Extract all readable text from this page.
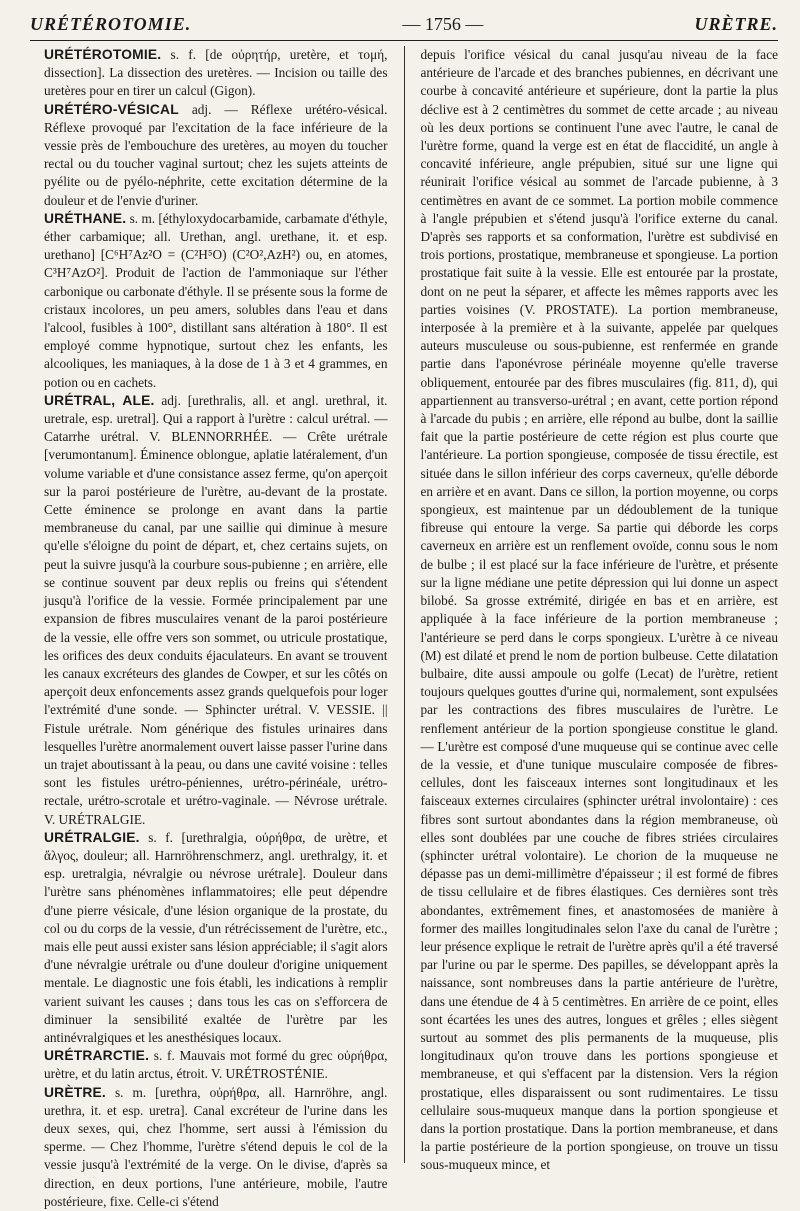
URÉTÉROTOMIE.	— 1756 —	URÈTRE.

URÉTÉROTOMIE. s. f. [de οὐρητήρ, uretère, et τομή, dissection]. La dissection des uretères. — Incision ou taille des uretères pour en tirer un calcul (Gigon).

URÉTÉRO-VÉSICAL adj. — Réflexe urétéro-vésical. Réflexe provoqué par l'excitation de la face inférieure de la vessie près de l'embouchure des uretères, au moyen du toucher rectal ou du toucher vaginal surtout; chez les sujets atteints de pyélite ou de pyélo-néphrite, cette excitation détermine de la douleur et de l'envie d'uriner.

URÉTHANE. s. m. [éthyloxydocarbamide, carbamate d'éthyle, éther carbamique; all. Urethan, angl. urethane, it. et esp. urethano] [C⁶H⁷Az²O = (C²H⁵O) (C²O²,AzH²) ou, en atomes, C³H⁷AzO²]. Produit de l'action de l'ammoniaque sur l'éther carbonique ou carbonate d'éthyle. Il se présente sous la forme de cristaux incolores, un peu amers, solubles dans l'eau et dans l'alcool, fusibles à 100°, distillant sans altération à 180°. Il est employé comme hypnotique, surtout chez les enfants, les alcooliques, les maniaques, à la dose de 1 à 3 et 4 grammes, en potion ou en cachets.

URÉTRAL, ALE. adj. [urethralis, all. et angl. urethral, it. uretrale, esp. uretral]. Qui a rapport à l'urètre : calcul urétral. — Catarrhe urétral. V. BLENNORRHÉE. — Crête urétrale [verumontanum]. Éminence oblongue, aplatie latéralement, d'un volume variable et d'une consistance assez ferme, qu'on aperçoit sur la paroi postérieure de l'urètre, au-devant de la prostate. Cette éminence se prolonge en avant dans la partie membraneuse du canal, par une saillie qui diminue à mesure qu'elle s'éloigne du point de départ, et, chez certains sujets, on peut la suivre jusqu'à la courbure sous-pubienne ; en arrière, elle se continue souvent par deux replis ou freins qui s'étendent jusqu'à l'orifice de la vessie. Formée principalement par une expansion de fibres musculaires venant de la paroi postérieure de la vessie, elle offre vers son sommet, ou utricule prostatique, les orifices des deux conduits éjaculateurs. En avant se trouvent les canaux excréteurs des glandes de Cowper, et sur les côtés on aperçoit deux enfoncements assez grands quelquefois pour loger l'extrémité d'une sonde. — Sphincter urétral. V. VESSIE. || Fistule urétrale. Nom générique des fistules urinaires dans lesquelles l'urètre anormalement ouvert laisse passer l'urine dans un trajet aboutissant à la peau, ou dans une cavité voisine : telles sont les fistules urétro-péniennes, urétro-périnéale, urétro-rectale, urétro-scrotale et urétro-vaginale. — Névrose urétrale. V. URÉTRALGIE.

URÉTRALGIE. s. f. [urethralgia, οὐρήθρα, de urètre, et ἄλγος, douleur; all. Harnröhrenschmerz, angl. urethralgy, it. et esp. uretralgia, névralgie ou névrose urétrale]. Douleur dans l'urètre sans phénomènes inflammatoires; elle peut dépendre d'une pierre vésicale, d'une lésion organique de la prostate, du col ou du corps de la vessie, d'un rétrécissement de l'urètre, etc., mais elle peut aussi exister sans lésion appréciable; il s'agit alors d'une névralgie urétrale ou d'une douleur d'origine uniquement mentale. Le diagnostic une fois établi, les indications à remplir varient suivant les causes ; dans tous les cas on s'efforcera de diminuer la sensibilité exaltée de l'urètre par les antinévralgiques et les anesthésiques locaux.

URÉTRARCTIE. s. f. Mauvais mot formé du grec οὐρήθρα, urètre, et du latin arctus, étroit. V. URÉTROSTÉNIE.

URÈTRE. s. m. [urethra, οὐρήθρα, all. Harnröhre, angl. urethra, it. et esp. uretra]. Canal excréteur de l'urine dans les deux sexes, qui, chez l'homme, sert aussi à l'émission du sperme. — Chez l'homme, l'urètre s'étend depuis le col de la vessie jusqu'à l'extrémité de la verge. On le divise, d'après sa direction, en deux portions, l'une antérieure, mobile, l'autre postérieure, fixe. Celle-ci s'étend

depuis l'orifice vésical du canal jusqu'au niveau de la face antérieure de l'arcade et des branches pubiennes, en décrivant une courbe à concavité antérieure et supérieure, dont la partie la plus déclive est à 2 centimètres du sommet de cette arcade ; au niveau où les deux portions se continuent l'une avec l'autre, le canal de l'urètre forme, quand la verge est en état de flaccidité, un angle à concavité inférieure, angle prépubien, situé sur une ligne qui réunirait l'orifice vésical au sommet de l'arcade pubienne, à 3 centimètres en avant de ce sommet. La portion mobile commence à l'angle prépubien et s'étend jusqu'à l'orifice externe du canal. D'après ses rapports et sa conformation, l'urètre est subdivisé en trois portions, prostatique, membraneuse et spongieuse. La portion prostatique fait suite à la vessie. Elle est entourée par la prostate, dont on ne peut la séparer, et affecte les mêmes rapports avec les parties voisines (V. PROSTATE). La portion membraneuse, interposée à la première et à la suivante, appelée par quelques auteurs musculeuse ou sous-pubienne, est renfermée en grande partie dans l'aponévrose périnéale moyenne qu'elle traverse obliquement, entourée par des fibres musculaires (fig. 811, d), qui appartiennent au transverso-urétral ; en avant, cette portion répond à l'arcade du pubis ; en arrière, elle répond au bulbe, dont la saillie fait que la partie postérieure de cette région est plus courte que l'antérieure. La portion spongieuse, composée de tissu érectile, est située dans le sillon inférieur des corps caverneux, qu'elle déborde en arrière et en avant. Dans ce sillon, la portion moyenne, ou corps spongieux, est maintenue par un dédoublement de la tunique fibreuse qui entoure la verge. Sa partie qui déborde les corps caverneux en arrière est un renflement ovoïde, connu sous le nom de bulbe ; il est placé sur la face inférieure de l'urètre, et présente sur la ligne médiane une petite dépression qui lui donne un aspect bilobé. Sa grosse extrémité, dirigée en bas et en arrière, est appliquée à la face inférieure de la portion membraneuse ; l'antérieure se perd dans le corps spongieux. L'urètre à ce niveau (M) est dilaté et prend le nom de portion bulbeuse. Cette dilatation bulbaire, dite aussi ampoule ou golfe (Lecat) de l'urètre, retient toujours quelques gouttes d'urine qui, normalement, sont expulsées par les contractions des fibres musculaires de l'urètre. Le renflement antérieur de la portion spongieuse constitue le gland. — L'urètre est composé d'une muqueuse qui se continue avec celle de la vessie, et d'une tunique musculaire composée de fibres-cellules, dont les faisceaux internes sont longitudinaux et les faisceaux externes circulaires (sphincter urétral involontaire) : ces fibres sont surtout abondantes dans la région membraneuse, où elles sont doublées par une couche de fibres striées circulaires (sphincter urétral volontaire). Le chorion de la muqueuse ne dépasse pas un demi-millimètre d'épaisseur ; il est formé de fibres de tissu cellulaire et de fibres élastiques. Ces dernières sont très abondantes, extrêmement fines, et anastomosées de manière à former des mailles longitudinales selon l'axe du canal de l'urètre ; leur présence explique le retrait de l'urètre après qu'il a été traversé par l'urine ou par le sperme. Des papilles, se développant après la naissance, sont nombreuses dans la partie antérieure de l'urètre, dans une étendue de 4 à 5 centimètres. En arrière de ce point, elles sont écartées les unes des autres, longues et grêles ; elles siègent surtout au sommet des plis permanents de la muqueuse, plis longitudinaux qu'on trouve dans les portions spongieuse et membraneuse, et qui s'effacent par la distension. Vers la région prostatique, elles disparaissent ou sont rudimentaires. Le tissu cellulaire sous-muqueux manque dans la portion spongieuse et dans la portion prostatique. Dans la portion membraneuse, et dans la partie postérieure de la portion spongieuse, on trouve un tissu sous-muqueux mince, et
